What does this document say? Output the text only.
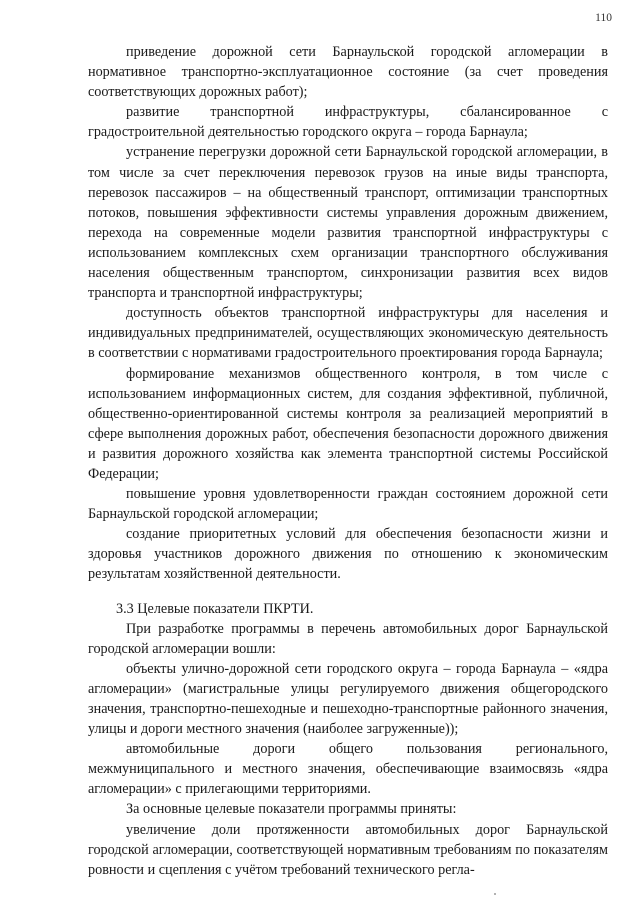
110

приведение дорожной сети Барнаульской городской агломерации в нормативное транспортно-эксплуатационное состояние (за счет проведения соответствующих дорожных работ);

развитие транспортной инфраструктуры, сбалансированное с градостроительной деятельностью городского округа – города Барнаула;

устранение перегрузки дорожной сети Барнаульской городской агломерации, в том числе за счет переключения перевозок грузов на иные виды транспорта, перевозок пассажиров – на общественный транспорт, оптимизации транспортных потоков, повышения эффективности системы управления дорожным движением, перехода на современные модели развития транспортной инфраструктуры с использованием комплексных схем организации транспортного обслуживания населения общественным транспортом, синхронизации развития всех видов транспорта и транспортной инфраструктуры;

доступность объектов транспортной инфраструктуры для населения и индивидуальных предпринимателей, осуществляющих экономическую деятельность в соответствии с нормативами градостроительного проектирования города Барнаула;

формирование механизмов общественного контроля, в том числе с использованием информационных систем, для создания эффективной, публичной, общественно-ориентированной системы контроля за реализацией мероприятий в сфере выполнения дорожных работ, обеспечения безопасности дорожного движения и развития дорожного хозяйства как элемента транспортной системы Российской Федерации;

повышение уровня удовлетворенности граждан состоянием дорожной сети Барнаульской городской агломерации;

создание приоритетных условий для обеспечения безопасности жизни и здоровья участников дорожного движения по отношению к экономическим результатам хозяйственной деятельности.

3.3 Целевые показатели ПКРТИ.

При разработке программы в перечень автомобильных дорог Барнаульской городской агломерации вошли:

объекты улично-дорожной сети городского округа – города Барнаула – «ядра агломерации» (магистральные улицы регулируемого движения общегородского значения, транспортно-пешеходные и пешеходно-транспортные районного значения, улицы и дороги местного значения (наиболее загруженные));

автомобильные дороги общего пользования регионального, межмуниципального и местного значения, обеспечивающие взаимосвязь «ядра агломерации» с прилегающими территориями.

За основные целевые показатели программы приняты:

увеличение доли протяженности автомобильных дорог Барнаульской городской агломерации, соответствующей нормативным требованиям по показателям ровности и сцепления с учётом требований технического регла-
